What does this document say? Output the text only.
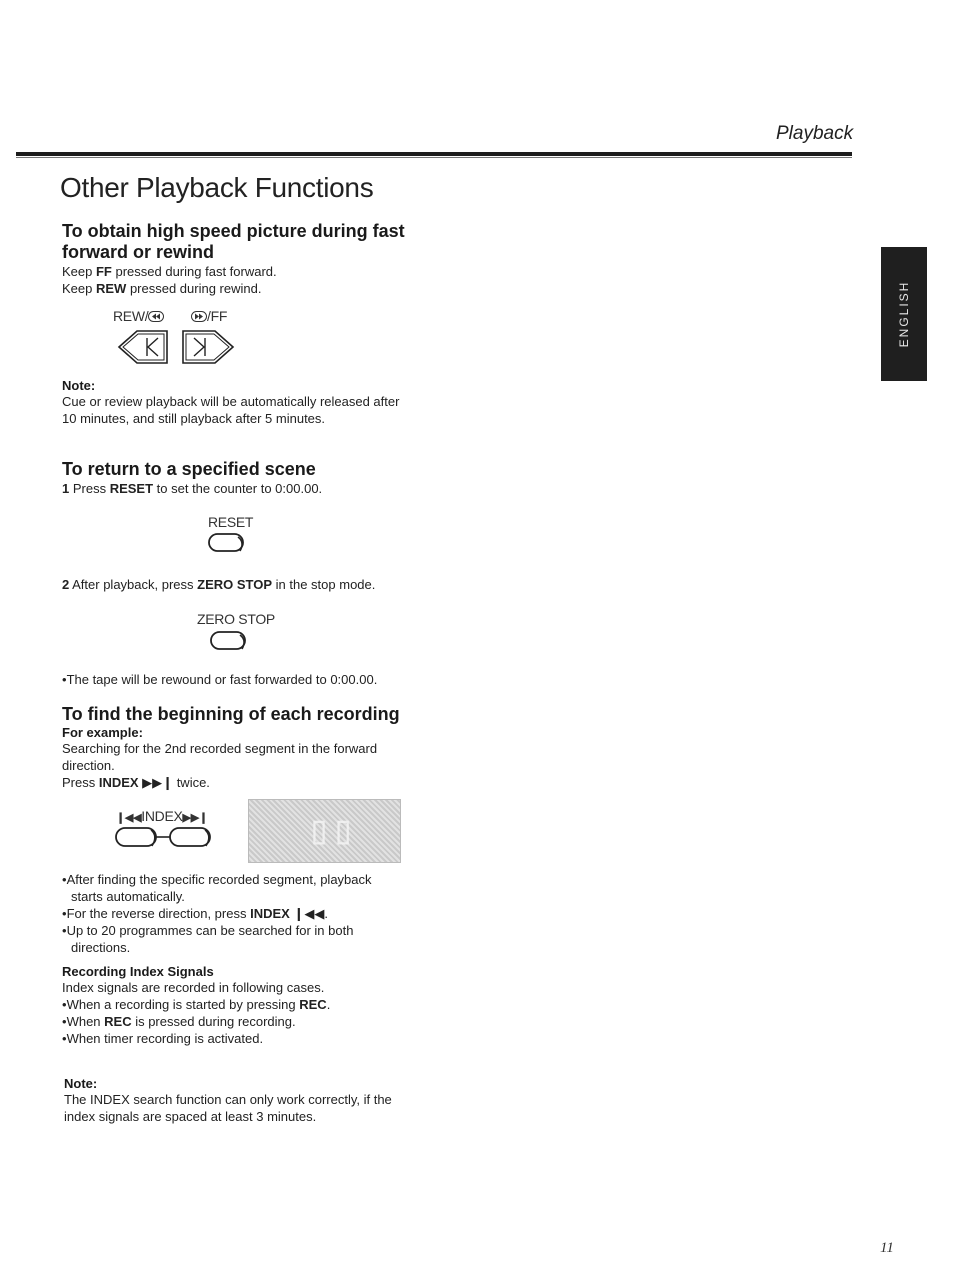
Playback
Other Playback Functions
ENGLISH
To obtain high speed picture during fast
forward or rewind
Keep FF pressed during fast forward.
Keep REW pressed during rewind.
REW/	/FF
Note:
Cue or review playback will be automatically released after
10 minutes, and still playback after 5 minutes.
To return to a specified scene
1 Press RESET to set the counter to 0:00.00.
RESET
2 After playback, press ZERO STOP in the stop mode.
ZERO STOP
• The tape will be rewound or fast forwarded to 0:00.00.
To find the beginning of each recording
For example:
Searching for the 2nd recorded segment in the forward
direction.
Press INDEX ▶▶❙ twice.
❙◀◀INDEX▶▶❙ ▯▯
• After finding the specific recorded segment, playback
starts automatically.
• For the reverse direction, press INDEX ❙◀◀.
• Up to 20 programmes can be searched for in both
directions.
Recording Index Signals
Index signals are recorded in following cases.
• When a recording is started by pressing REC.
• When REC is pressed during recording.
• When timer recording is activated.
Note:
The INDEX search function can only work correctly, if the
index signals are spaced at least 3 minutes.
11
